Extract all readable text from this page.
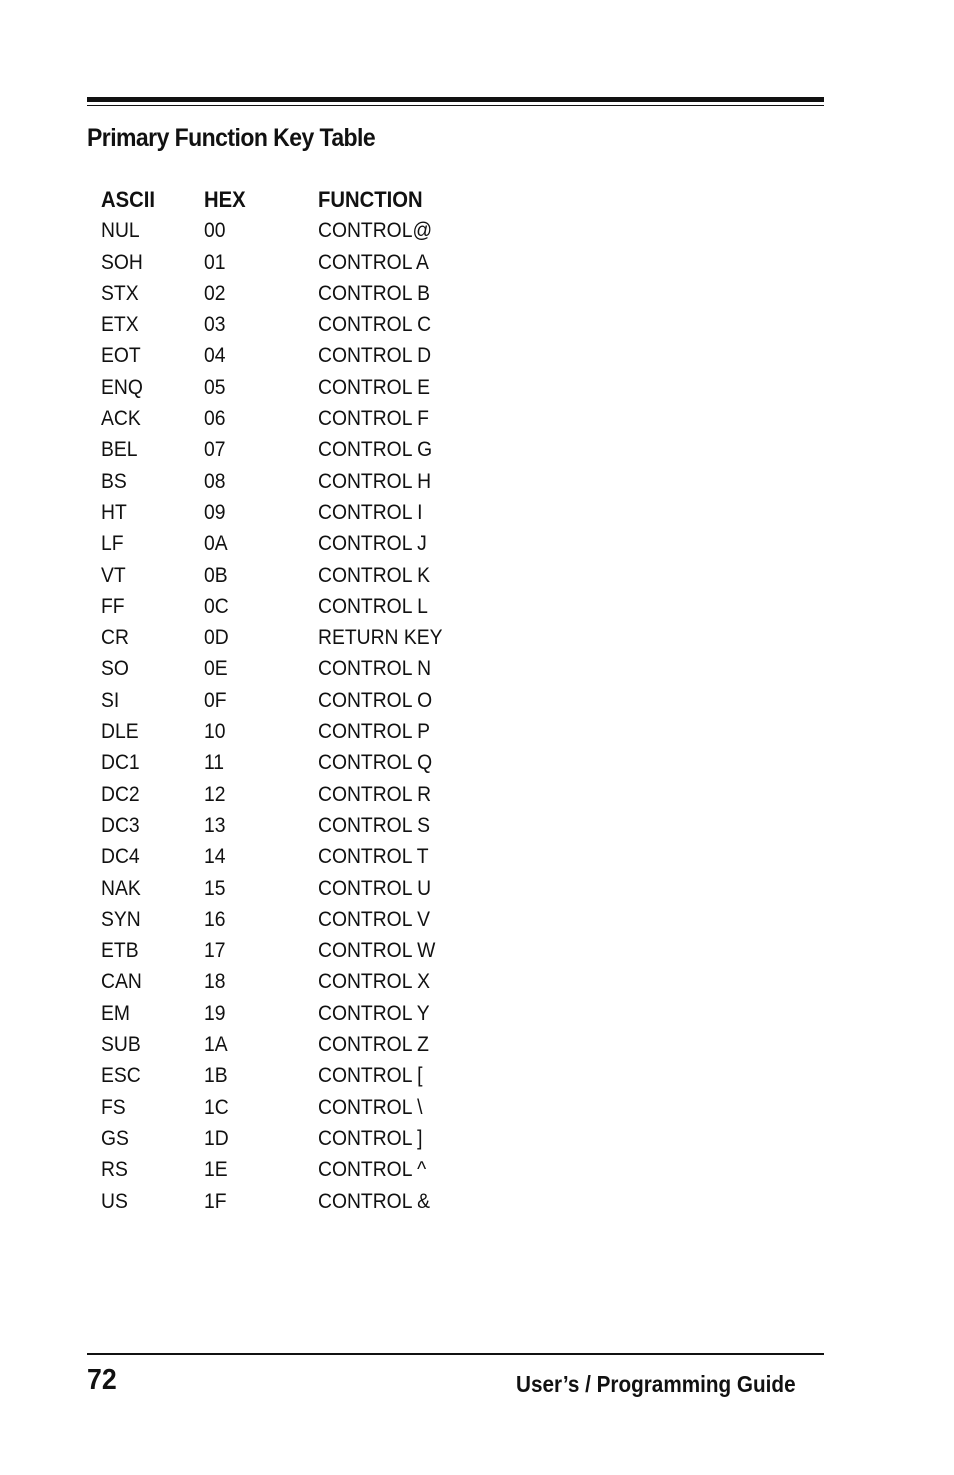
Primary Function Key Table
ASCII HEX	FUNCTION
NUL	00	CONTROL@
SOH	01	CONTROL A
STX	02	CONTROL B
ETX	03	CONTROL C
EOT	04	CONTROL D
ENQ	05	CONTROL E
ACK	06	CONTROL F
BEL	07	CONTROL G
BS	08	CONTROL H
HT	09	CONTROL I
LF	0A	CONTROL J
VT	0B	CONTROL K
FF	0C	CONTROL L
CR	0D	RETURN KEY
SO	0E	CONTROL N
SI	0F	CONTROL O
DLE	10	CONTROL P
DC1	11	CONTROL Q
DC2	12	CONTROL R
DC3	13	CONTROL S
DC4	14	CONTROL T
NAK	15	CONTROL U
SYN	16	CONTROL V
ETB	17	CONTROL W
CAN	18	CONTROL X
EM	19	CONTROL Y
SUB	1A	CONTROL Z
ESC	1B	CONTROL [
FS	1C	CONTROL \
GS	1D	CONTROL ]
RS	1E	CONTROL ^
US	1F	CONTROL &
72	User’s / Programming Guide
